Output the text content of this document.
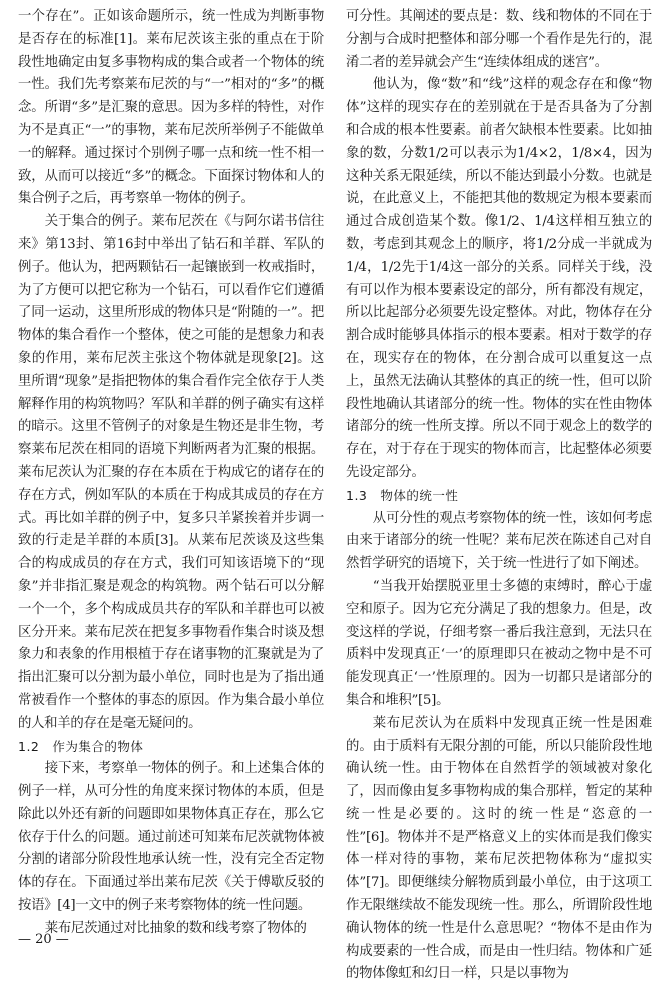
一个存在”。正如该命题所示，统一性成为判断事物是否存在的标准[1]。莱布尼茨该主张的重点在于阶段性地确定由复多事物构成的集合或者一个物体的统一性。我们先考察莱布尼茨的与“一”相对的“多”的概念。所谓“多”是汇聚的意思。因为多样的特性，对作为不是真正“一”的事物，莱布尼茨所举例子不能做单一的解释。通过探讨个别例子哪一点和统一性不相一致，从而可以接近“多”的概念。下面探讨物体和人的集合例子之后，再考察单一物体的例子。

关于集合的例子。莱布尼茨在《与阿尔诺书信往来》第13封、第16封中举出了钻石和羊群、军队的例子。他认为，把两颗钻石一起镶嵌到一枚戒指时，为了方便可以把它称为一个钻石，可以看作它们遵循了同一运动，这里所形成的物体只是“附随的一”。把物体的集合看作一个整体，使之可能的是想象力和表象的作用，莱布尼茨主张这个物体就是现象[2]。这里所谓“现象”是指把物体的集合看作完全依存于人类解释作用的构筑物吗？军队和羊群的例子确实有这样的暗示。这里不管例子的对象是生物还是非生物，考察莱布尼茨在相同的语境下判断两者为汇聚的根据。莱布尼茨认为汇聚的存在本质在于构成它的诸存在的存在方式，例如军队的本质在于构成其成员的存在方式。再比如羊群的例子中，复多只羊紧挨着并步调一致的行走是羊群的本质[3]。从莱布尼茨谈及这些集合的构成成员的存在方式，我们可知该语境下的“现象”并非指汇聚是观念的构筑物。两个钻石可以分解一个一个，多个构成成员共存的军队和羊群也可以被区分开来。莱布尼茨在把复多事物看作集合时谈及想象力和表象的作用根植于存在诸事物的汇聚就是为了指出汇聚可以分割为最小单位，同时也是为了指出通常被看作一个整体的事态的原因。作为集合最小单位的人和羊的存在是毫无疑问的。

1.2　作为集合的物体

接下来，考察单一物体的例子。和上述集合体的例子一样，从可分性的角度来探讨物体的本质，但是除此以外还有新的问题即如果物体真正存在，那么它依存于什么的问题。通过前述可知莱布尼茨就物体被分割的诸部分阶段性地承认统一性，没有完全否定物体的存在。下面通过举出莱布尼茨《关于傅歇反驳的按语》[4]一文中的例子来考察物体的统一性问题。

莱布尼茨通过对比抽象的数和线考察了物体的

可分性。其阐述的要点是：数、线和物体的不同在于分割与合成时把整体和部分哪一个看作是先行的，混淆二者的差异就会产生“连续体组成的迷宫”。

他认为，像“数”和“线”这样的观念存在和像“物体”这样的现实存在的差别就在于是否具备为了分割和合成的根本性要素。前者欠缺根本性要素。比如抽象的数，分数1/2可以表示为1/4×2，1/8×4，因为这种关系无限延续，所以不能达到最小分数。也就是说，在此意义上，不能把其他的数规定为根本要素而通过合成创造某个数。像1/2、1/4这样相互独立的数，考虑到其观念上的顺序，将1/2分成一半就成为1/4，1/2先于1/4这一部分的关系。同样关于线，没有可以作为根本要素设定的部分，所有都没有规定，所以比起部分必须要先设定整体。对此，物体存在分割合成时能够具体指示的根本要素。相对于数学的存在，现实存在的物体，在分割合成可以重复这一点上，虽然无法确认其整体的真正的统一性，但可以阶段性地确认其诸部分的统一性。物体的实在性由物体诸部分的统一性所支撑。所以不同于观念上的数学的存在，对于存在于现实的物体而言，比起整体必须要先设定部分。

1.3　物体的统一性

从可分性的观点考察物体的统一性，该如何考虑由来于诸部分的统一性呢？莱布尼茨在陈述自己对自然哲学研究的语境下，关于统一性进行了如下阐述。

“当我开始摆脱亚里士多德的束缚时，醉心于虚空和原子。因为它充分满足了我的想象力。但是，改变这样的学说，仔细考察一番后我注意到，无法只在质料中发现真正‘一’的原理即只在被动之物中是不可能发现真正‘一’性原理的。因为一切都只是诸部分的集合和堆积”[5]。

莱布尼茨认为在质料中发现真正统一性是困难的。由于质料有无限分割的可能，所以只能阶段性地确认统一性。由于物体在自然哲学的领域被对象化了，因而像由复多事物构成的集合那样，暂定的某种统一性是必要的。这时的统一性是“恣意的一性”[6]。物体并不是严格意义上的实体而是我们像实体一样对待的事物，莱布尼茨把物体称为“虚拟实体”[7]。即便继续分解物质到最小单位，由于这项工作无限继续故不能发现统一性。那么，所谓阶段性地确认物体的统一性是什么意思呢？“物体不是由作为构成要素的一性合成，而是由一性归结。物体和广延的物体像虹和幻日一样，只是以事物为

— 20 —
